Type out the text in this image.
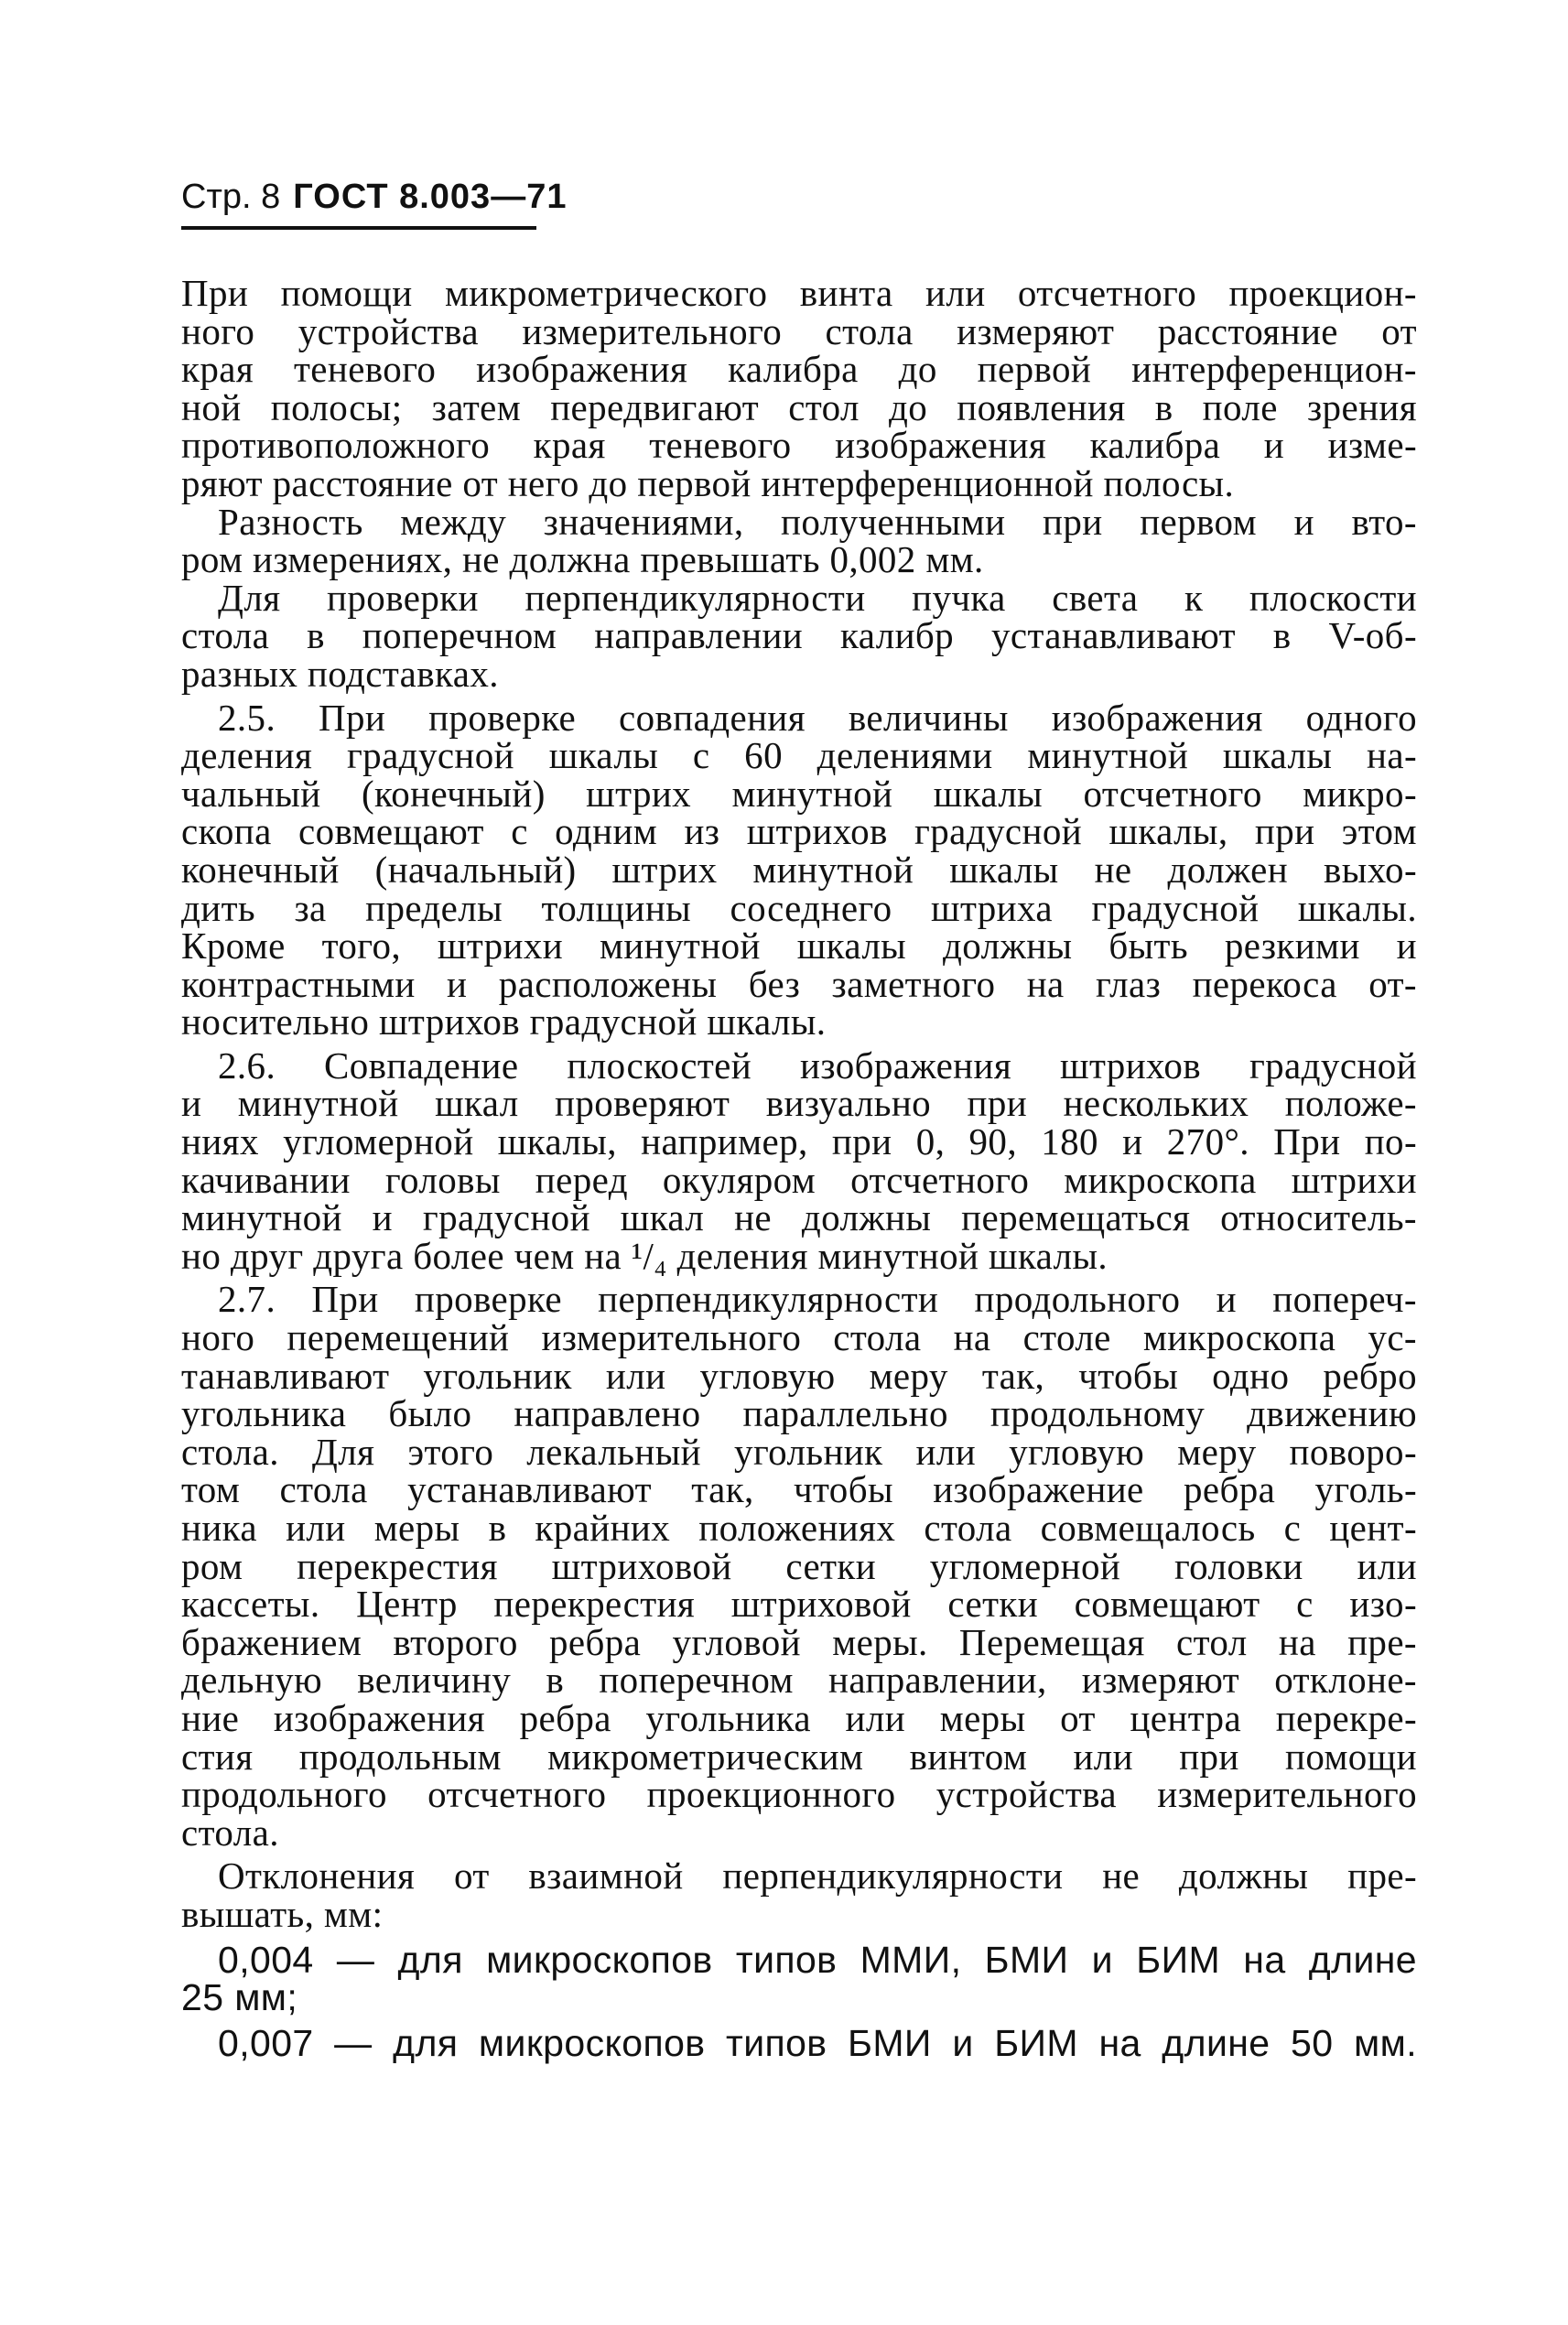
Стр. 8 ГОСТ 8.003—71
При помощи микрометрического винта или отсчетного проекцион-
ного устройства измерительного стола измеряют расстояние от
края теневого изображения калибра до первой интерференцион-
ной полосы; затем передвигают стол до появления в поле зрения
противоположного края теневого изображения калибра и изме-
ряют расстояние от него до первой интерференционной полосы.
Разность между значениями, полученными при первом и вто-
ром измерениях, не должна превышать 0,002 мм.
Для проверки перпендикулярности пучка света к плоскости
стола в поперечном направлении калибр устанавливают в V-об-
разных подставках.
2.5. При проверке совпадения величины изображения одного
деления градусной шкалы с 60 делениями минутной шкалы на-
чальный (конечный) штрих минутной шкалы отсчетного микро-
скопа совмещают с одним из штрихов градусной шкалы, при этом
конечный (начальный) штрих минутной шкалы не должен выхо-
дить за пределы толщины соседнего штриха градусной шкалы.
Кроме того, штрихи минутной шкалы должны быть резкими и
контрастными и расположены без заметного на глаз перекоса от-
носительно штрихов градусной шкалы.
2.6. Совпадение плоскостей изображения штрихов градусной
и минутной шкал проверяют визуально при нескольких положе-
ниях угломерной шкалы, например, при 0, 90, 180 и 270°. При по-
качивании головы перед окуляром отсчетного микроскопа штрихи
минутной и градусной шкал не должны перемещаться относитель-
но друг друга более чем на ¹/₄ деления минутной шкалы.
2.7. При проверке перпендикулярности продольного и попереч-
ного перемещений измерительного стола на столе микроскопа ус-
танавливают угольник или угловую меру так, чтобы одно ребро
угольника было направлено параллельно продольному движению
стола. Для этого лекальный угольник или угловую меру поворо-
том стола устанавливают так, чтобы изображение ребра уголь-
ника или меры в крайних положениях стола совмещалось с цент-
ром перекрестия штриховой сетки угломерной головки или
кассеты. Центр перекрестия штриховой сетки совмещают с изо-
бражением второго ребра угловой меры. Перемещая стол на пре-
дельную величину в поперечном направлении, измеряют отклоне-
ние изображения ребра угольника или меры от центра перекре-
стия продольным микрометрическим винтом или при помощи
продольного отсчетного проекционного устройства измерительного
стола.
Отклонения от взаимной перпендикулярности не должны пре-
вышать, мм:
0,004 — для микроскопов типов ММИ, БМИ и БИМ на длине
25 мм;
0,007 — для микроскопов типов БМИ и БИМ на длине 50 мм.
